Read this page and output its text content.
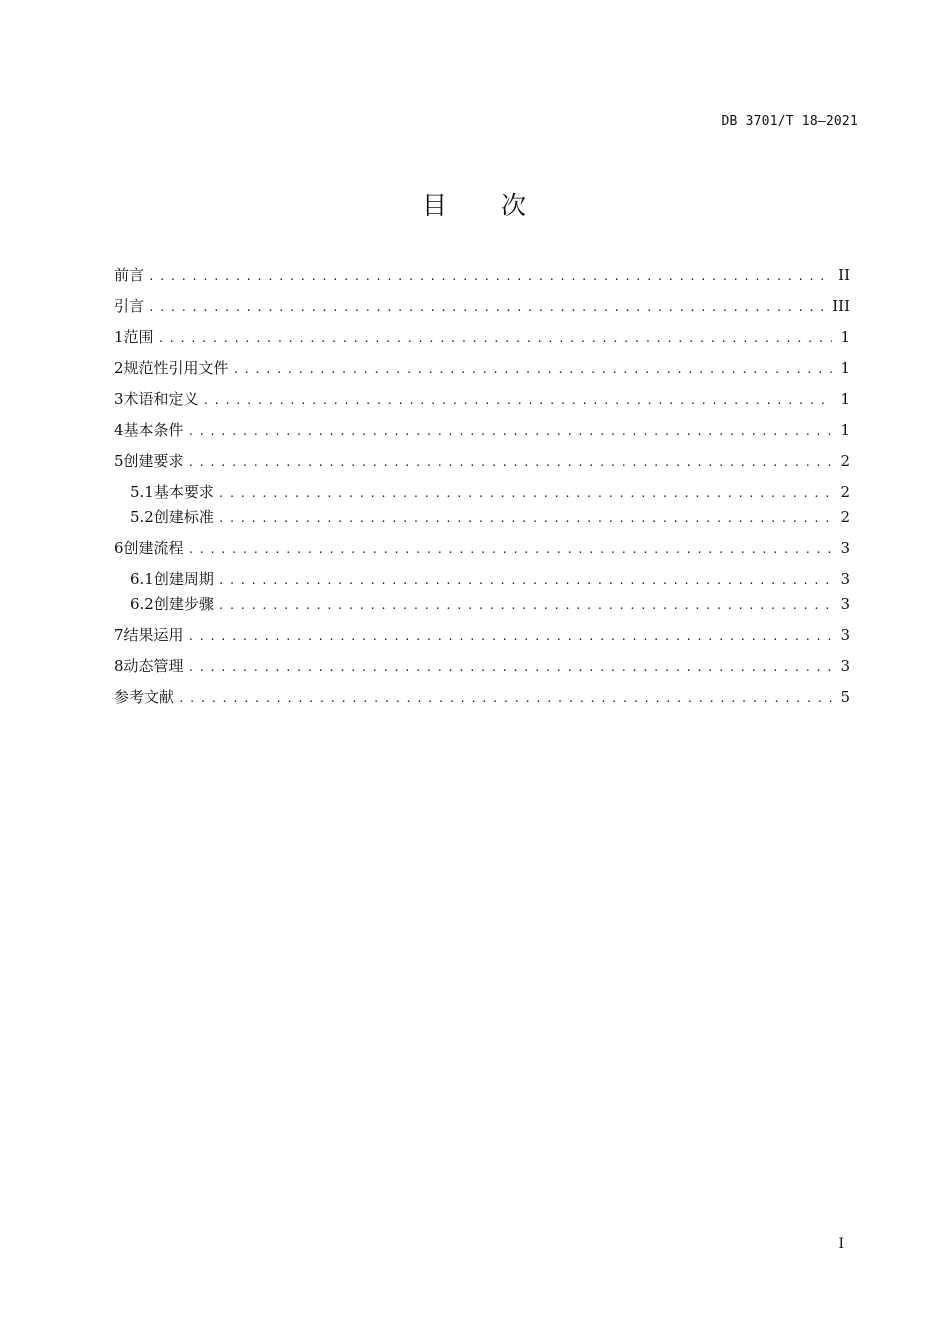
DB 3701/T 18—2021
目 次
前言 .....	II
引言 .....	III
1 范围 .....	1
2 规范性引用文件 .....	1
3 术语和定义 .....	1
4 基本条件 .....	1
5 创建要求 .....	2
5.1 基本要求 .....	2
5.2 创建标准 .....	2
6 创建流程 .....	3
6.1 创建周期 .....	3
6.2 创建步骤 .....	3
7 结果运用 .....	3
8 动态管理 .....	3
参考文献 .....	5
I
